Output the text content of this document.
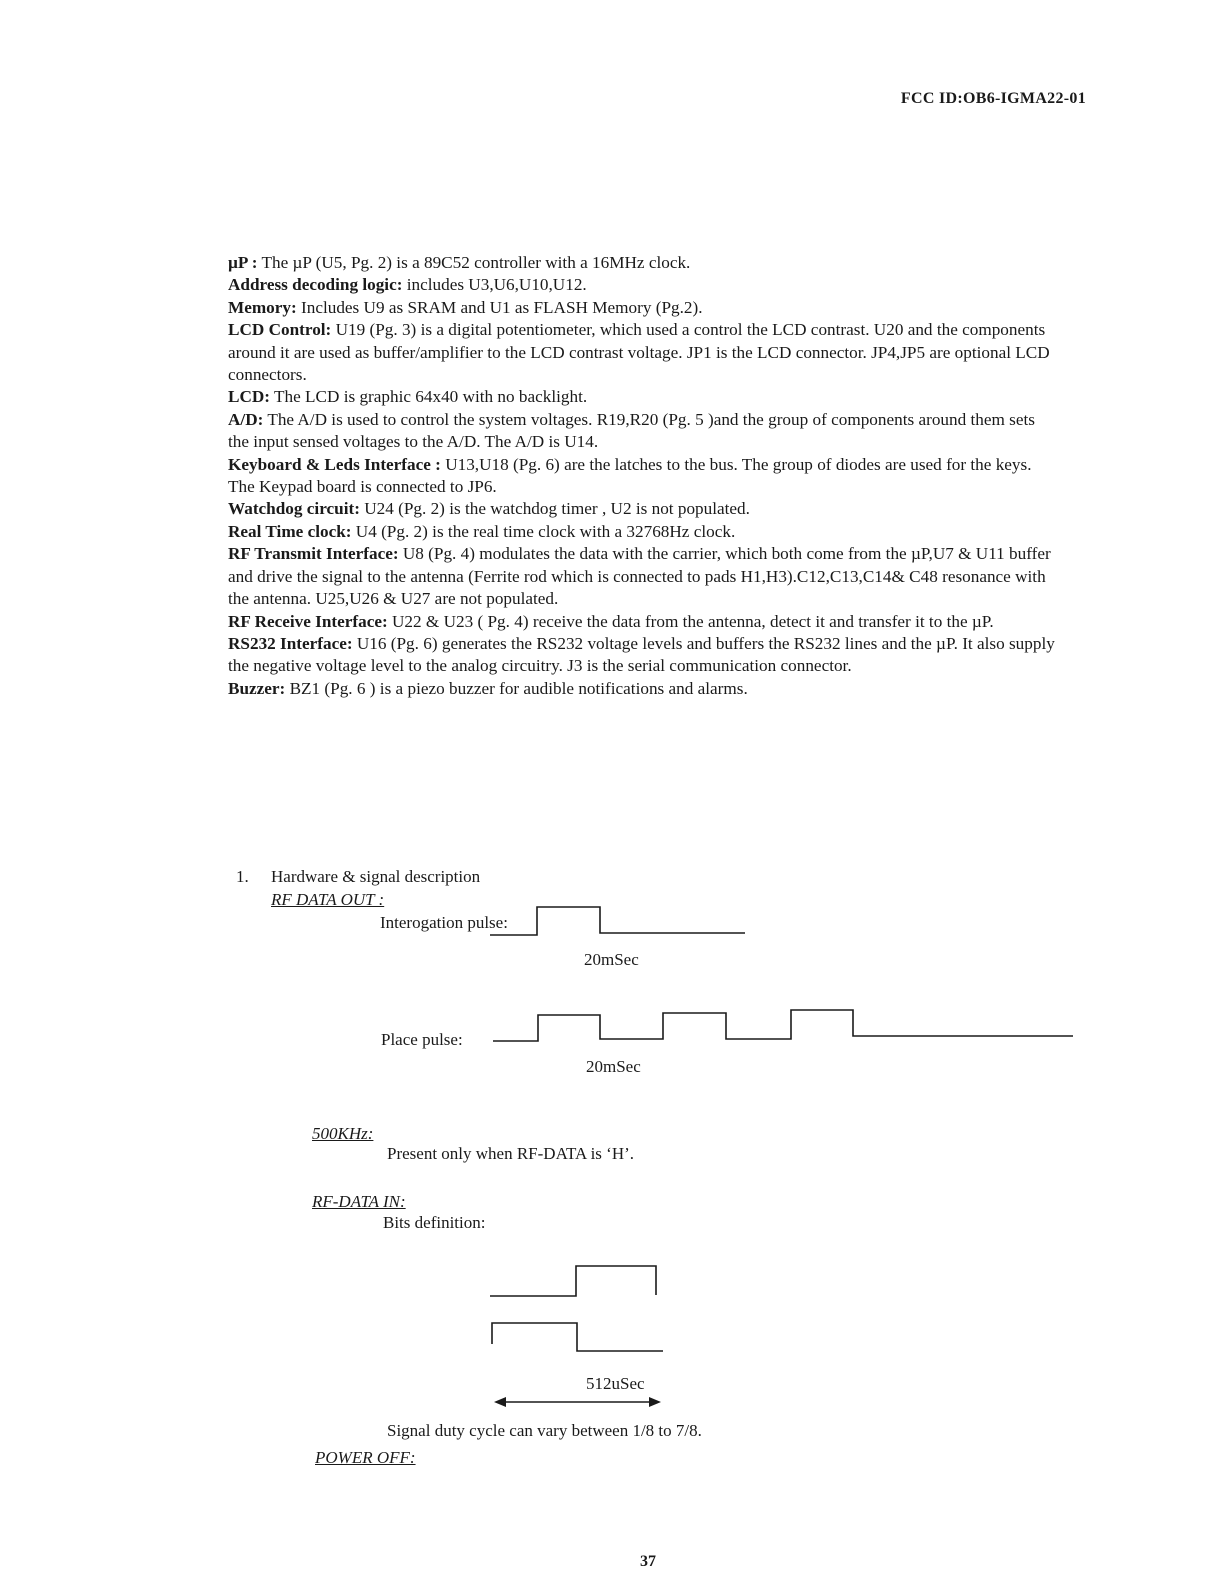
FCC ID:OB6-IGMA22-01

µP : The µP (U5, Pg. 2) is a 89C52 controller with a 16MHz clock.

Address decoding logic: includes U3,U6,U10,U12.

Memory: Includes U9 as SRAM and U1 as FLASH Memory (Pg.2).

LCD Control: U19 (Pg. 3) is a digital potentiometer, which used a control the LCD contrast. U20 and the components around it are used as buffer/amplifier to the LCD contrast voltage. JP1 is the LCD connector. JP4,JP5 are optional LCD connectors.

LCD: The LCD is graphic 64x40 with no backlight.

A/D: The A/D is used to control the system voltages. R19,R20 (Pg. 5 )and the group of components around them sets the input sensed voltages to the A/D. The A/D is U14.

Keyboard & Leds Interface : U13,U18 (Pg. 6) are the latches to the bus. The group of diodes are used for the keys. The Keypad board is connected to JP6.

Watchdog circuit: U24 (Pg. 2) is the watchdog timer , U2 is not populated.

Real Time clock: U4 (Pg. 2) is the real time clock with a 32768Hz clock.

RF Transmit Interface: U8 (Pg. 4) modulates the data with the carrier, which both come from the µP,U7 & U11 buffer and drive the signal to the antenna (Ferrite rod which is connected to pads H1,H3).C12,C13,C14& C48 resonance with the antenna. U25,U26 & U27 are not populated.

RF Receive Interface: U22 & U23 ( Pg. 4) receive the data from the antenna, detect it and transfer it to the µP.

RS232 Interface: U16 (Pg. 6) generates the RS232 voltage levels and buffers the RS232 lines and the µP. It also supply the negative voltage level to the analog circuitry. J3 is the serial communication connector.

Buzzer: BZ1 (Pg. 6 ) is a piezo buzzer for audible notifications and alarms.

1. Hardware & signal description
RF DATA OUT :
Interogation pulse:
20mSec
Place pulse:
20mSec
500KHz:
Present only when RF-DATA is ‘H’.
RF-DATA IN:
Bits definition:
512uSec
Signal duty cycle can vary between 1/8 to 7/8.
POWER OFF:
37
